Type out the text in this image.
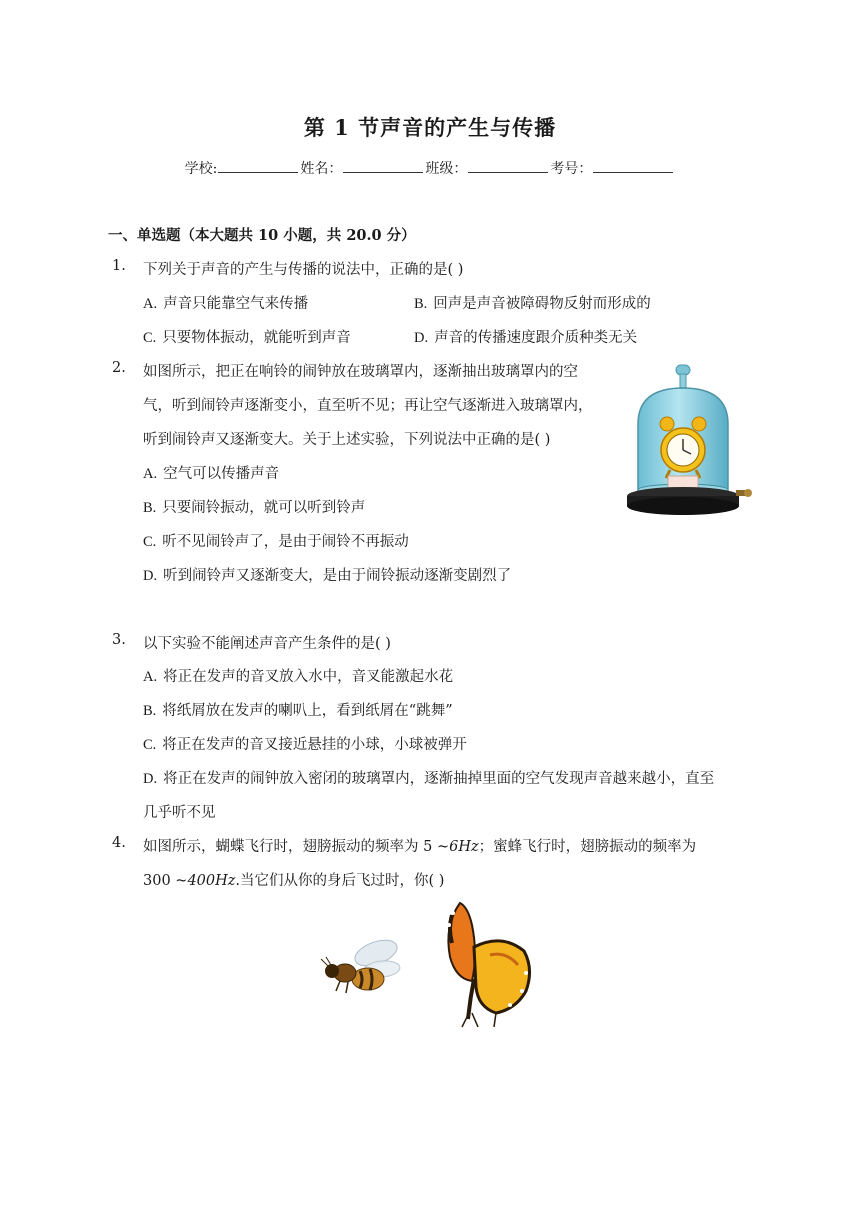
第 1 节声音的产生与传播
学校:	姓名：	班级：	考号：
一、单选题（本大题共 10 小题，共 20.0 分）
1. 下列关于声音的产生与传播的说法中，正确的是( )
A. 声音只能靠空气来传播	B. 回声是声音被障碍物反射而形成的
C. 只要物体振动，就能听到声音	D. 声音的传播速度跟介质种类无关
2. 如图所示，把正在响铃的闹钟放在玻璃罩内，逐渐抽出玻璃罩内的空
气，听到闹铃声逐渐变小，直至听不见；再让空气逐渐进入玻璃罩内，
听到闹铃声又逐渐变大。关于上述实验，下列说法中正确的是( )
A. 空气可以传播声音
B. 只要闹铃振动，就可以听到铃声
C. 听不见闹铃声了，是由于闹铃不再振动
D. 听到闹铃声又逐渐变大，是由于闹铃振动逐渐变剧烈了
3. 以下实验不能阐述声音产生条件的是( )
A. 将正在发声的音叉放入水中，音叉能激起水花
B. 将纸屑放在发声的喇叭上，看到纸屑在“跳舞”
C. 将正在发声的音叉接近悬挂的小球，小球被弹开
D. 将正在发声的闹钟放入密闭的玻璃罩内，逐渐抽掉里面的空气发现声音越来越小，直至
几乎听不见
4. 如图所示，蝴蝶飞行时，翅膀振动的频率为 5 ~6Hz；蜜蜂飞行时，翅膀振动的频率为
300 ~400Hz.当它们从你的身后飞过时，你( )
